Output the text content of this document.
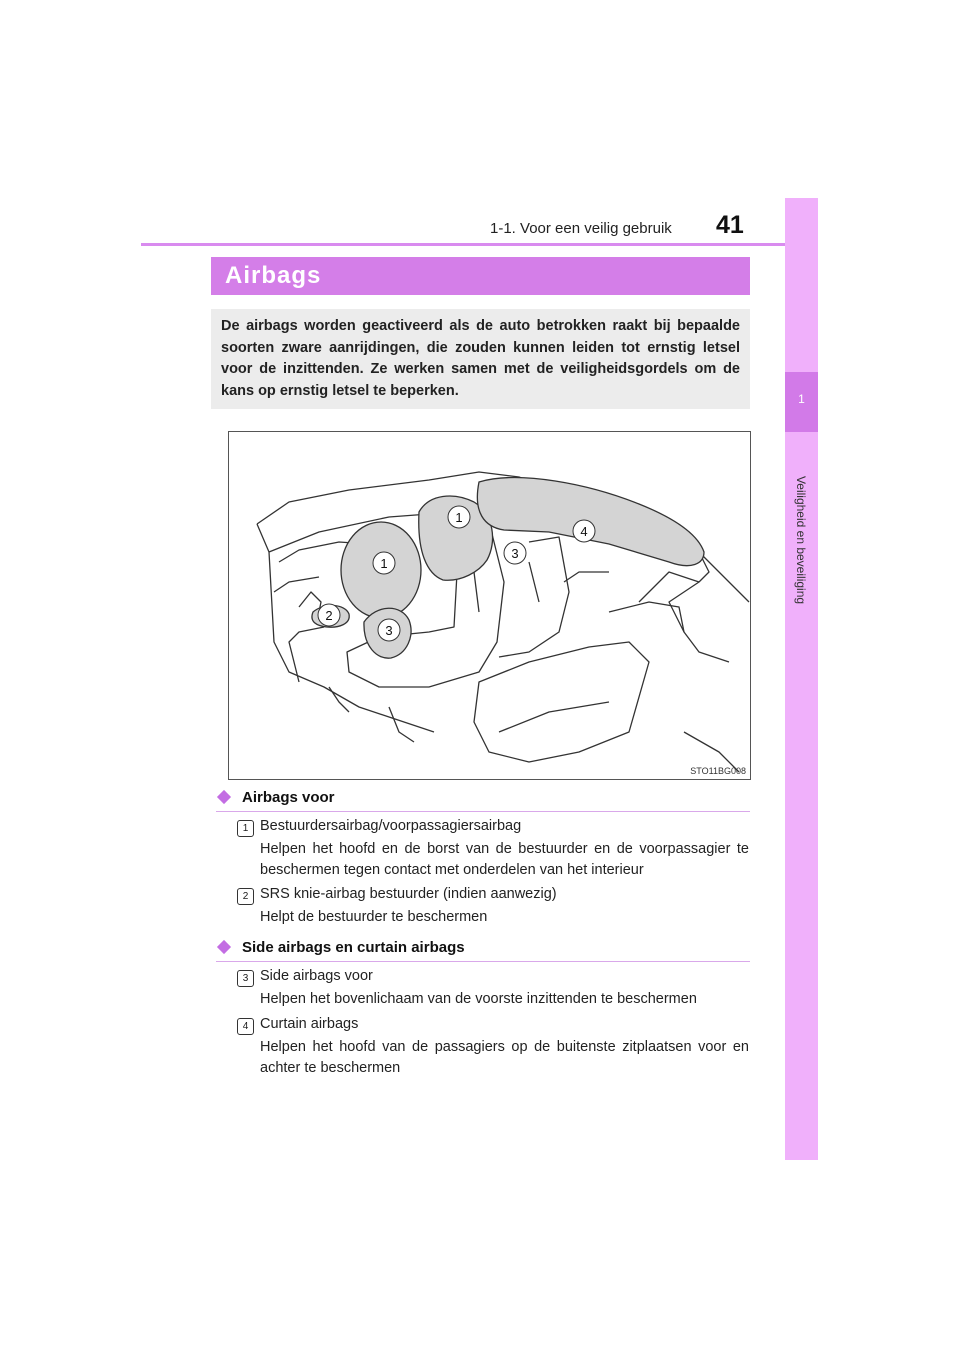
1-1. Voor een veilig gebruik 41
1
Veiligheid en beveiliging
Airbags
De airbags worden geactiveerd als de auto betrokken raakt bij bepaalde soorten zware aanrijdingen, die zouden kunnen leiden tot ernstig letsel voor de inzittenden. Ze werken samen met de veiligheidsgordels om de kans op ernstig letsel te beperken.
1
1
2
3
3
4
STO11BG008
Airbags voor
1 Bestuurdersairbag/voorpassagiersairbag
Helpen het hoofd en de borst van de bestuurder en de voorpassagier te beschermen tegen contact met onderdelen van het interieur
2 SRS knie-airbag bestuurder (indien aanwezig)
Helpt de bestuurder te beschermen
Side airbags en curtain airbags
3 Side airbags voor
Helpen het bovenlichaam van de voorste inzittenden te beschermen
4 Curtain airbags
Helpen het hoofd van de passagiers op de buitenste zitplaatsen voor en achter te beschermen
